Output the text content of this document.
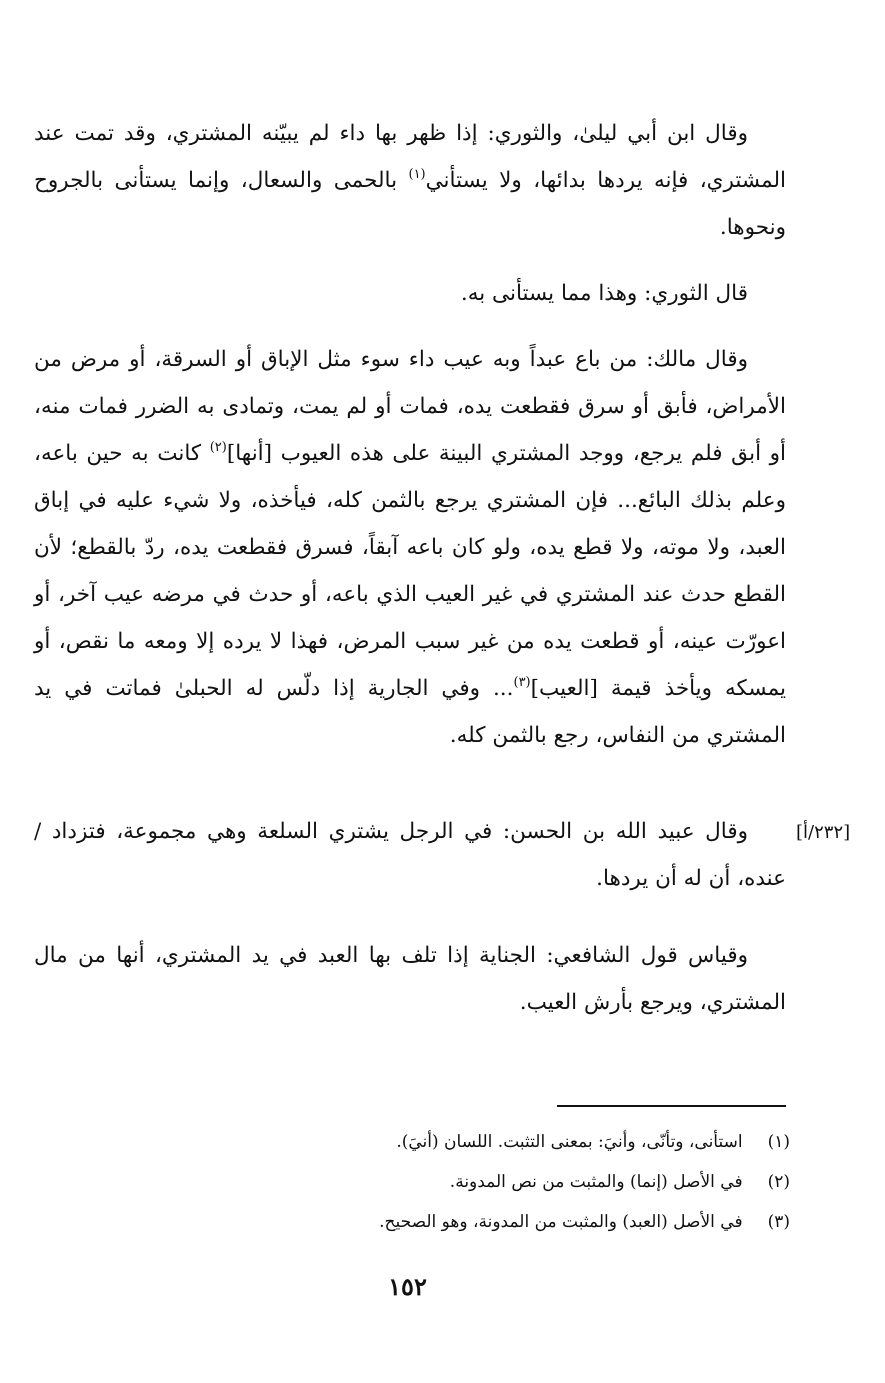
وقال ابن أبي ليلىٰ، والثوري: إذا ظهر بها داء لم يبيّنه المشتري، وقد تمت عند المشتري، فإنه يردها بدائها، ولا يستأني$^{(١)}$ بالحمى والسعال، وإنما يستأنى بالجروح ونحوها.

قال الثوري: وهذا مما يستأنى به.

وقال مالك: من باع عبداً وبه عيب داء سوء مثل الإباق أو السرقة، أو مرض من الأمراض، فأبق أو سرق فقطعت يده، فمات أو لم يمت، وتمادى به الضرر فمات منه، أو أبق فلم يرجع، ووجد المشتري البينة على هذه العيوب [أنها]$^{(٢)}$ كانت به حين باعه، وعلم بذلك البائع... فإن المشتري يرجع بالثمن كله، فيأخذه، ولا شيء عليه في إباق العبد، ولا موته، ولا قطع يده، ولو كان باعه آبقاً، فسرق فقطعت يده، ردّ بالقطع؛ لأن القطع حدث عند المشتري في غير العيب الذي باعه، أو حدث في مرضه عيب آخر، أو اعورّت عينه، أو قطعت يده من غير سبب المرض، فهذا لا يرده إلا ومعه ما نقص، أو يمسكه ويأخذ قيمة [العيب]$^{(٣)}$... وفي الجارية إذا دلّس له الحبلىٰ فماتت في يد المشتري من النفاس، رجع بالثمن كله.

[٢٣٢/أ]

وقال عبيد الله بن الحسن: في الرجل يشتري السلعة وهي مجموعة، فتزداد / عنده، أن له أن يردها.

وقياس قول الشافعي: الجناية إذا تلف بها العبد في يد المشتري، أنها من مال المشتري، ويرجع بأرش العيب.

(١) استأنى، وتأنّى، وأنيَ: بمعنى التثبت. اللسان (أنيَ).
(٢) في الأصل (إنما) والمثبت من نص المدونة.
(٣) في الأصل (العبد) والمثبت من المدونة، وهو الصحيح.
١٥٢
